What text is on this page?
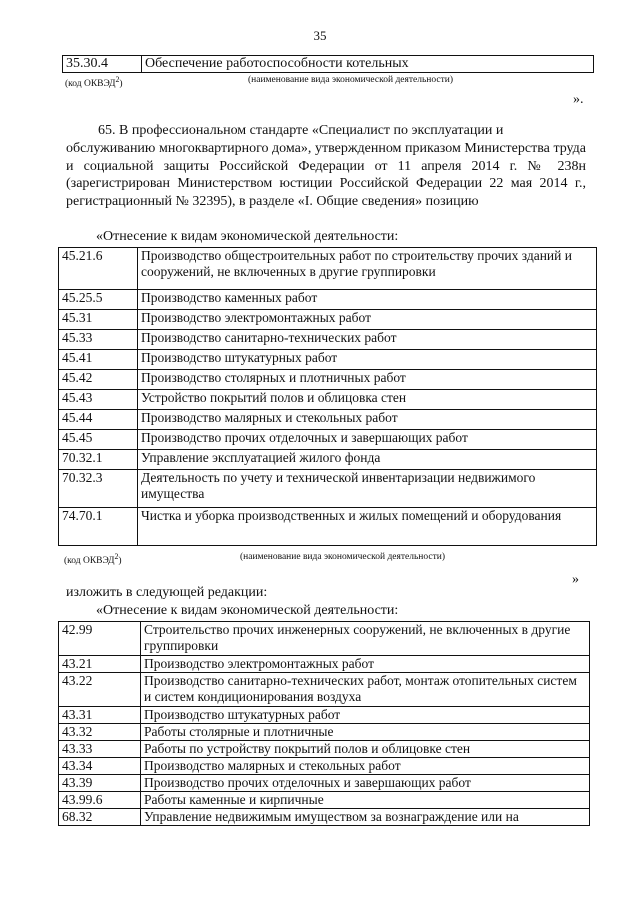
35
35.30.4	Обеспечение работоспособности котельных
(код ОКВЭД$^2$)	(наименование вида экономической деятельности)
».
65. В профессиональном стандарте «Специалист по эксплуатации и
обслуживанию многоквартирного дома», утвержденном приказом Министерства труда и социальной защиты Российской Федерации от 11 апреля 2014 г. № 238н (зарегистрирован Министерством юстиции Российской Федерации 22 мая 2014 г., регистрационный № 32395), в разделе «I. Общие сведения» позицию
«Отнесение к видам экономической деятельности:
45.21.6	Производство общестроительных работ по строительству прочих зданий и сооружений, не включенных в другие группировки
45.25.5	Производство каменных работ
45.31	Производство электромонтажных работ
45.33	Производство санитарно-технических работ
45.41	Производство штукатурных работ
45.42	Производство столярных и плотничных работ
45.43	Устройство покрытий полов и облицовка стен
45.44	Производство малярных и стекольных работ
45.45	Производство прочих отделочных и завершающих работ
70.32.1	Управление эксплуатацией жилого фонда
70.32.3	Деятельность по учету и технической инвентаризации недвижимого имущества
74.70.1	Чистка и уборка производственных и жилых помещений и оборудования
(код ОКВЭД$^2$)	(наименование вида экономической деятельности)
»
изложить в следующей редакции:
«Отнесение к видам экономической деятельности:
42.99	Строительство прочих инженерных сооружений, не включенных в другие группировки
43.21	Производство электромонтажных работ
43.22	Производство санитарно-технических работ, монтаж отопительных систем и систем кондиционирования воздуха
43.31	Производство штукатурных работ
43.32	Работы столярные и плотничные
43.33	Работы по устройству покрытий полов и облицовке стен
43.34	Производство малярных и стекольных работ
43.39	Производство прочих отделочных и завершающих работ
43.99.6	Работы каменные и кирпичные
68.32	Управление недвижимым имуществом за вознаграждение или на
